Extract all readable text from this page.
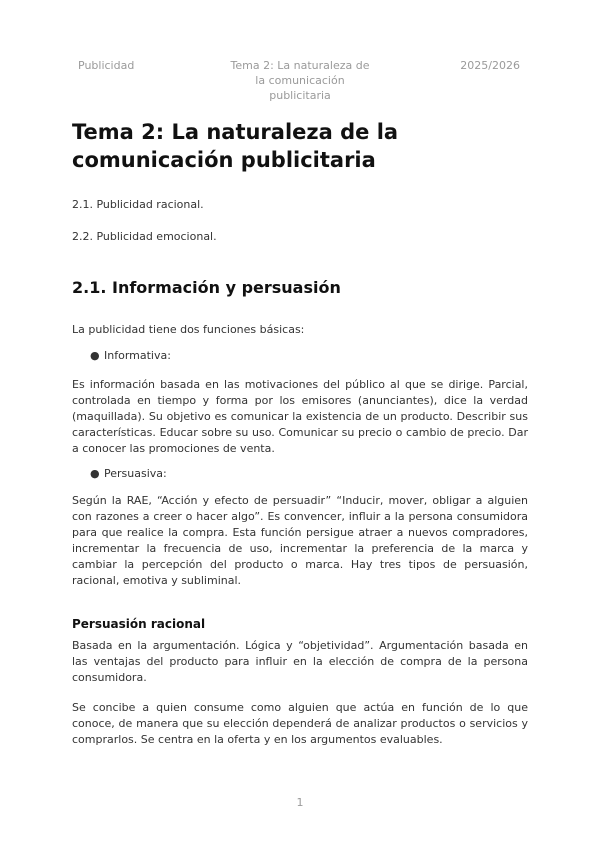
Publicidad	Tema 2: La naturaleza de la comunicación publicitaria
2025/2026
Tema 2: La naturaleza de la comunicación publicitaria
2.1. Publicidad racional.
2.2. Publicidad emocional.
2.1. Información y persuasión

La publicidad tiene dos funciones básicas:

● Informativa:

Es información basada en las motivaciones del público al que se dirige. Parcial, controlada en tiempo y forma por los emisores (anunciantes), dice la verdad (maquillada). Su objetivo es comunicar la existencia de un producto. Describir sus características. Educar sobre su uso. Comunicar su precio o cambio de precio. Dar a conocer las promociones de venta.

● Persuasiva:

Según la RAE, “Acción y efecto de persuadir” “Inducir, mover, obligar a alguien con razones a creer o hacer algo”. Es convencer, influir a la persona consumidora para que realice la compra. Esta función persigue atraer a nuevos compradores, incrementar la frecuencia de uso, incrementar la preferencia de la marca y cambiar la percepción del producto o marca. Hay tres tipos de persuasión, racional, emotiva y subliminal.

Persuasión racional

Basada en la argumentación. Lógica y “objetividad”. Argumentación basada en las ventajas del producto para influir en la elección de compra de la persona consumidora.

Se concibe a quien consume como alguien que actúa en función de lo que conoce, de manera que su elección dependerá de analizar productos o servicios y comprarlos. Se centra en la oferta y en los argumentos evaluables.

1
